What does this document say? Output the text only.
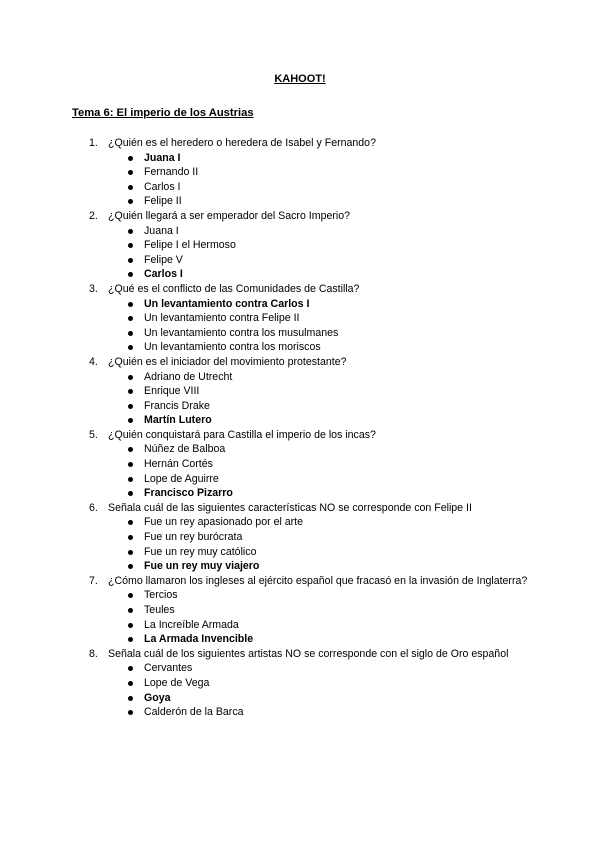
KAHOOT!
Tema 6: El imperio de los Austrias
1. ¿Quién es el heredero o heredera de Isabel y Fernando?
Juana I
Fernando II
Carlos I
Felipe II
2. ¿Quién llegará a ser emperador del Sacro Imperio?
Juana I
Felipe I el Hermoso
Felipe V
Carlos I
3. ¿Qué es el conflicto de las Comunidades de Castilla?
Un levantamiento contra Carlos I
Un levantamiento contra Felipe II
Un levantamiento contra los musulmanes
Un levantamiento contra los moriscos
4. ¿Quién es el iniciador del movimiento protestante?
Adriano de Utrecht
Enrique VIII
Francis Drake
Martín Lutero
5. ¿Quién conquistará para Castilla el imperio de los incas?
Núñez de Balboa
Hernán Cortés
Lope de Aguirre
Francisco Pizarro
6. Señala cuál de las siguientes características NO se corresponde con Felipe II
Fue un rey apasionado por el arte
Fue un rey burócrata
Fue un rey muy católico
Fue un rey muy viajero
7. ¿Cómo llamaron los ingleses al ejército español que fracasó en la invasión de Inglaterra?
Tercios
Teules
La Increíble Armada
La Armada Invencible
8. Señala cuál de los siguientes artistas NO se corresponde con el siglo de Oro español
Cervantes
Lope de Vega
Goya
Calderón de la Barca
